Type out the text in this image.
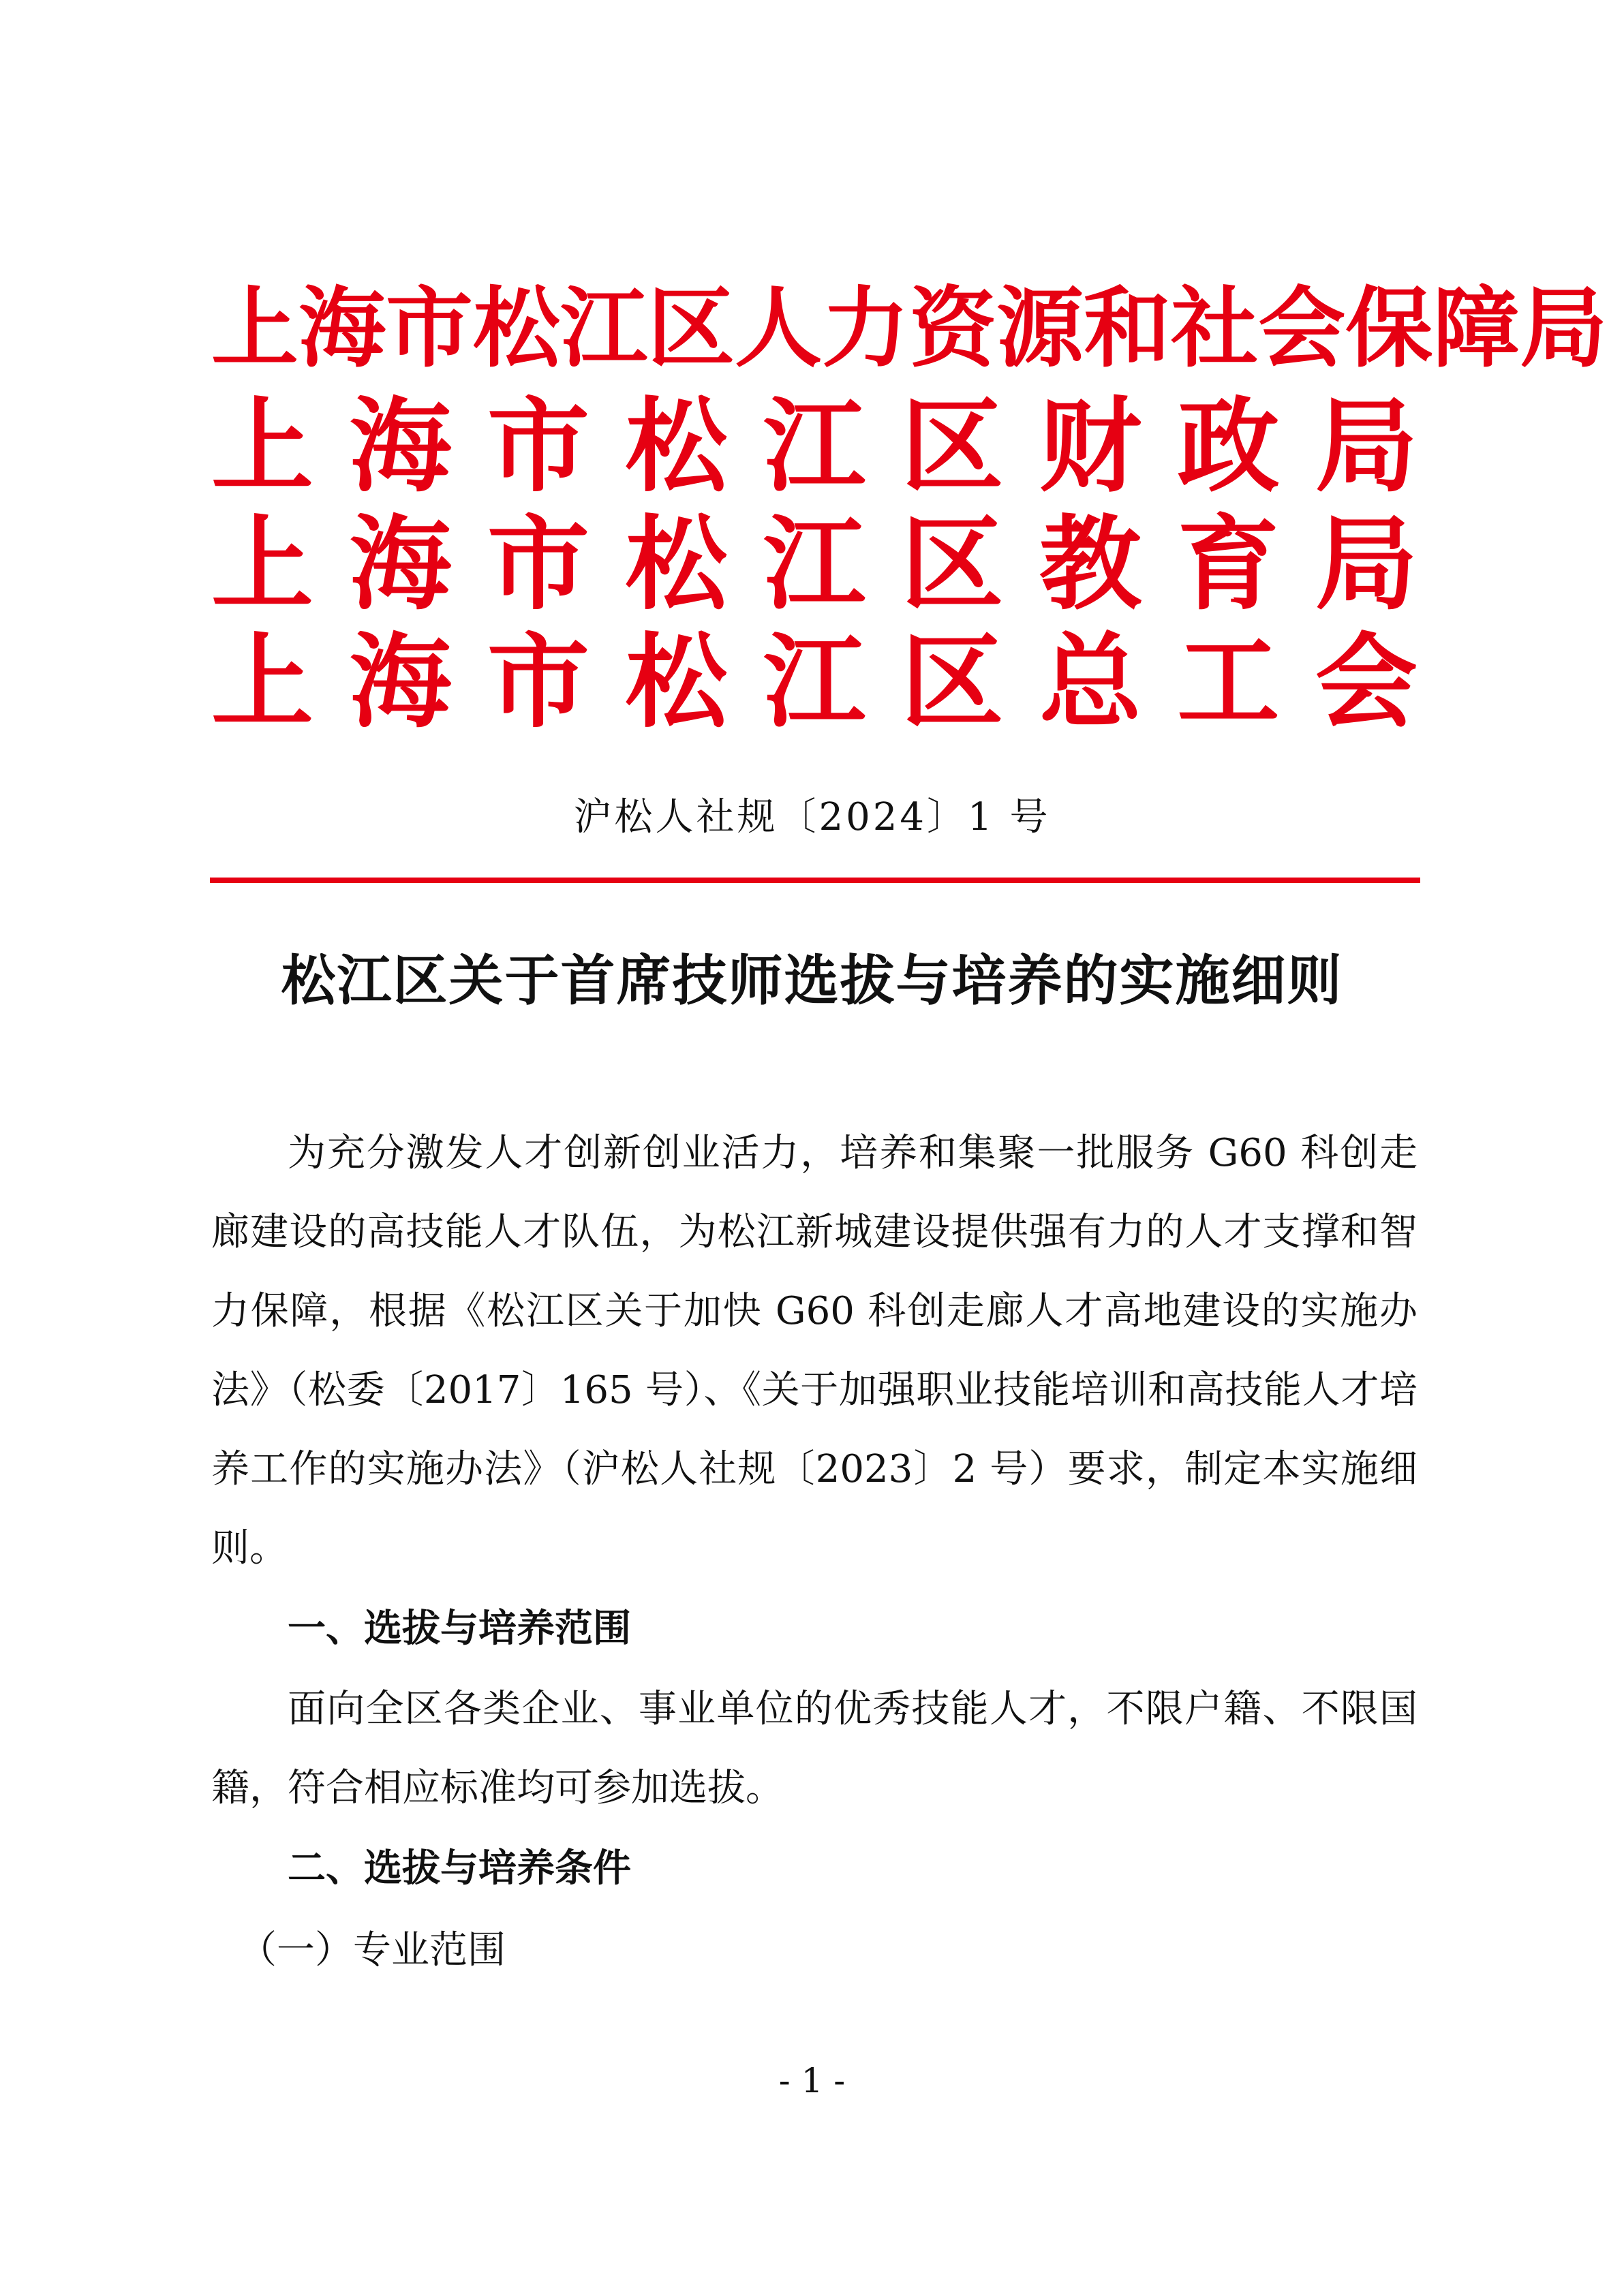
上 海 市 松 江 区 人 力 资 源 和 社 会 保 障 局
上 海 市 松 江 区 财 政 局
上 海 市 松 江 区 教 育 局
上 海 市 松 江 区 总 工 会
沪松人社规〔2024〕1 号
松江区关于首席技师选拔与培养的实施细则

为充分激发人才创新创业活力，培养和集聚一批服务 G60 科创走廊建设的高技能人才队伍，为松江新城建设提供强有力的人才支撑和智力保障，根据《松江区关于加快 G60 科创走廊人才高地建设的实施办法》（松委〔2017〕165 号）、《关于加强职业技能培训和高技能人才培养工作的实施办法》（沪松人社规〔2023〕2 号）要求，制定本实施细则。

一、选拔与培养范围

面向全区各类企业、事业单位的优秀技能人才，不限户籍、不限国籍，符合相应标准均可参加选拔。

二、选拔与培养条件

（一）专业范围

- 1 -
